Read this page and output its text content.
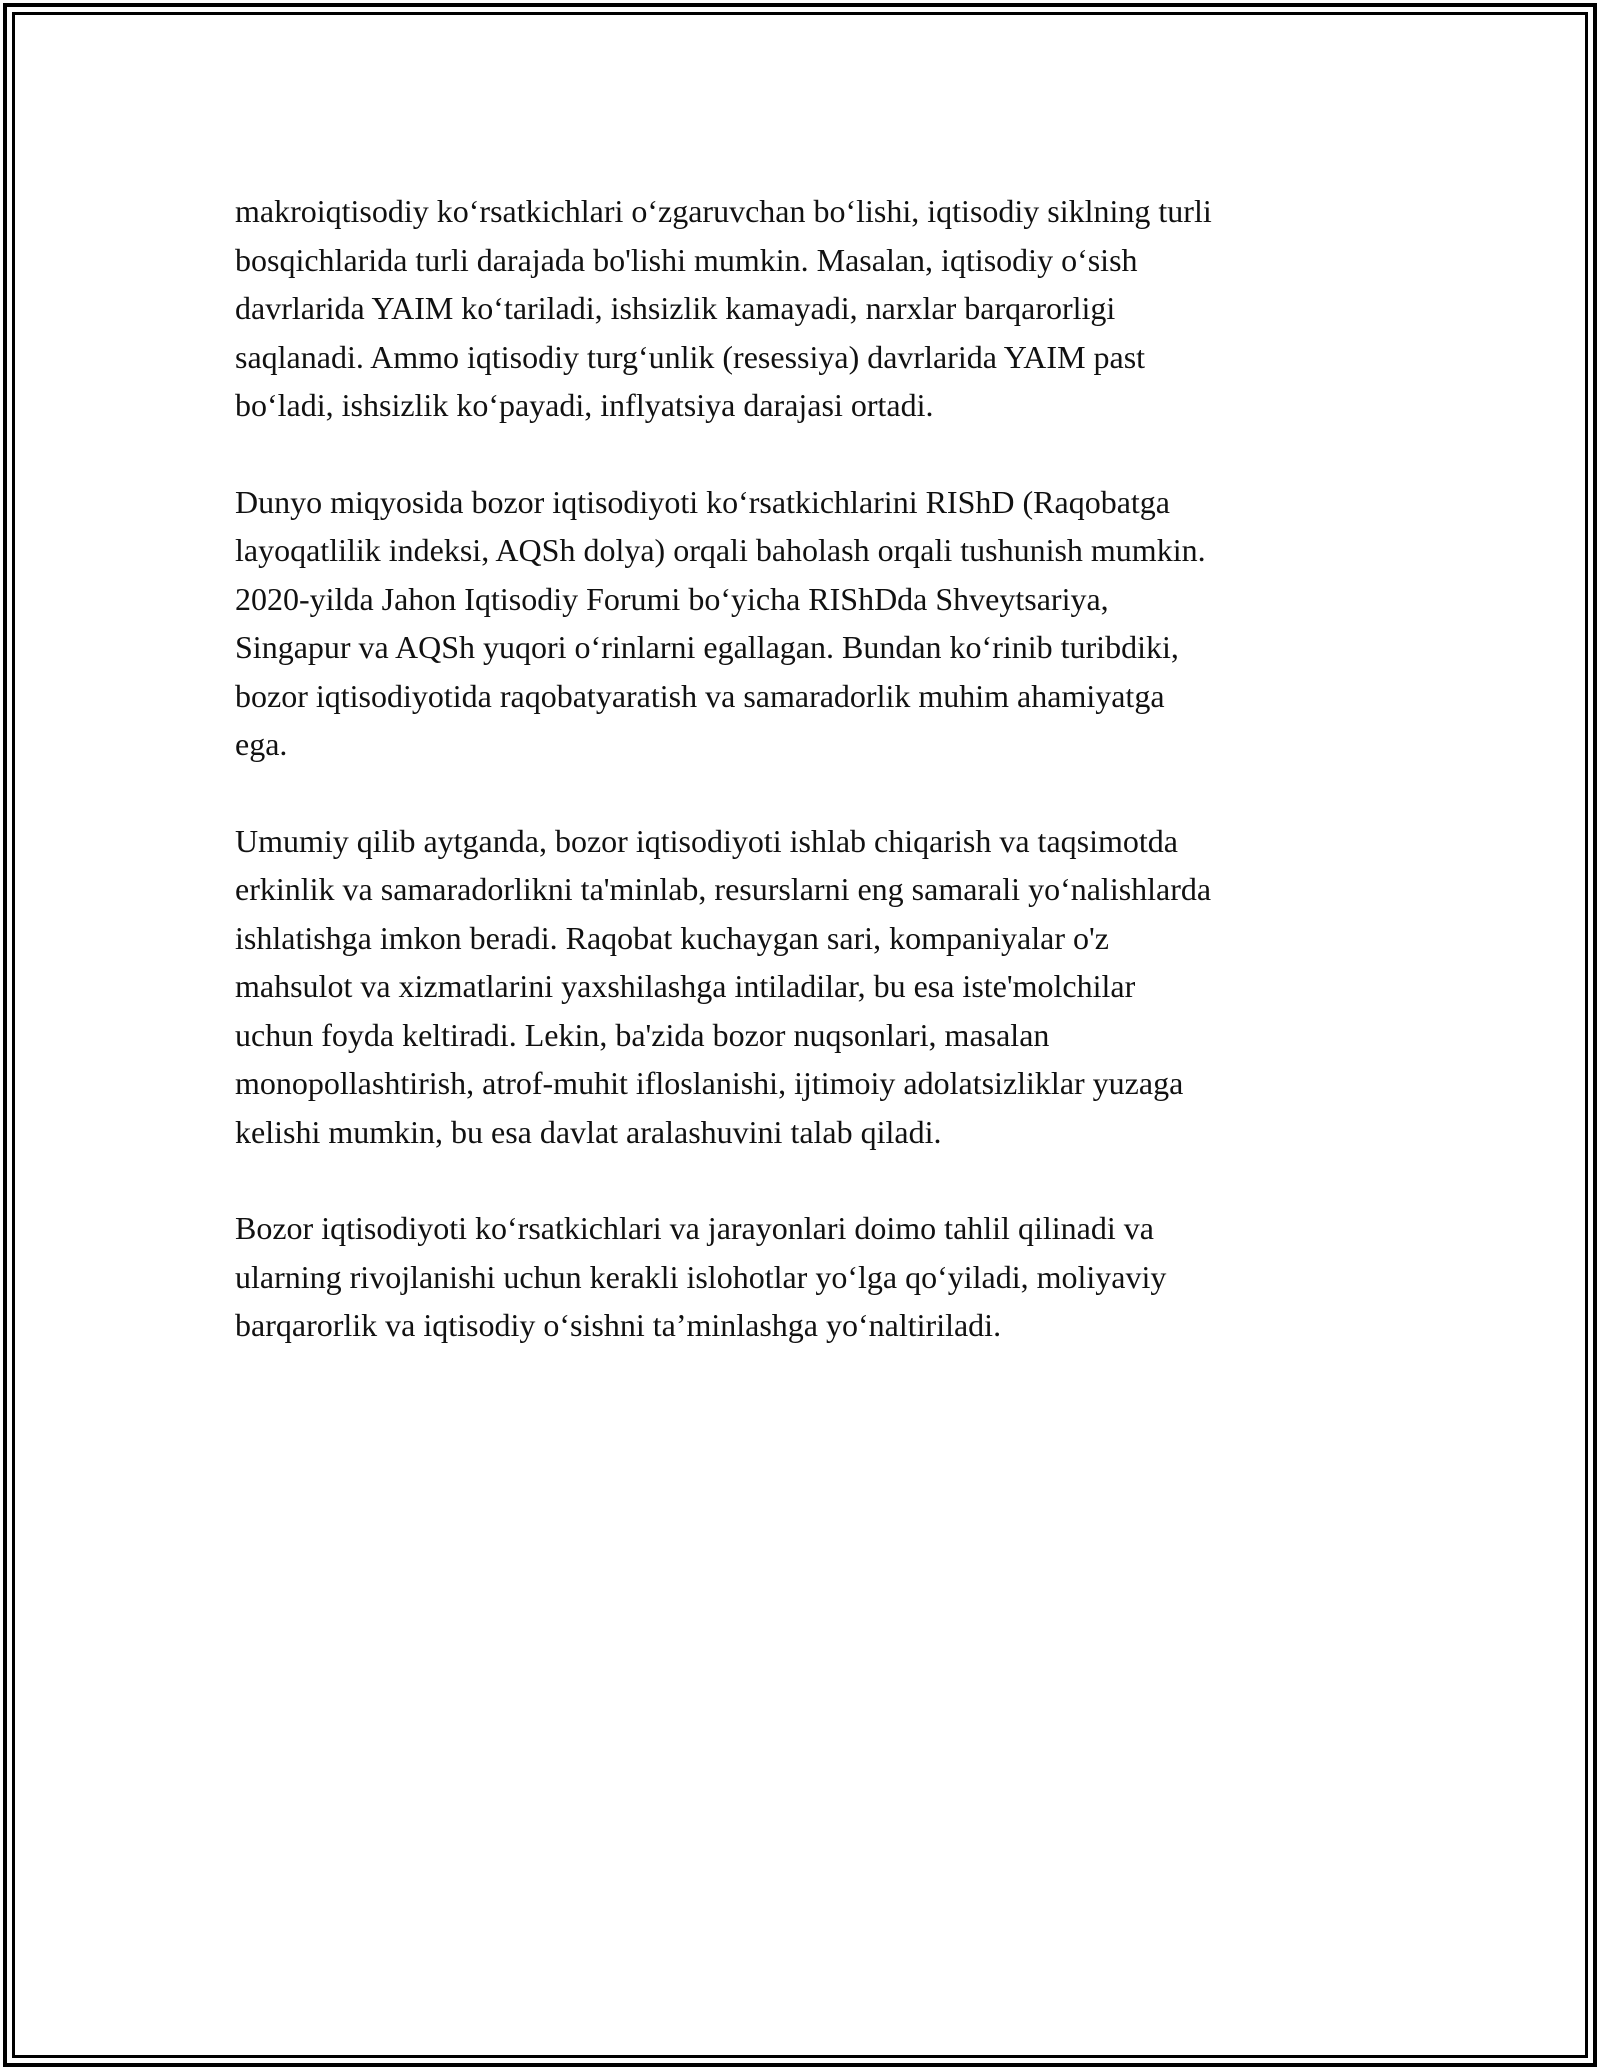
makroiqtisodiy ko‘rsatkichlari o‘zgaruvchan bo‘lishi, iqtisodiy siklning turli
bosqichlarida turli darajada bo'lishi mumkin. Masalan, iqtisodiy o‘sish
davrlarida YAIM ko‘tariladi, ishsizlik kamayadi, narxlar barqarorligi
saqlanadi. Ammo iqtisodiy turg‘unlik (resessiya) davrlarida YAIM past
bo‘ladi, ishsizlik ko‘payadi, inflyatsiya darajasi ortadi.

Dunyo miqyosida bozor iqtisodiyoti ko‘rsatkichlarini RIShD (Raqobatga
layoqatlilik indeksi, AQSh dolya) orqali baholash orqali tushunish mumkin.
2020-yilda Jahon Iqtisodiy Forumi bo‘yicha RIShDda Shveytsariya,
Singapur va AQSh yuqori o‘rinlarni egallagan. Bundan ko‘rinib turibdiki,
bozor iqtisodiyotida raqobatyaratish va samaradorlik muhim ahamiyatga
ega.

Umumiy qilib aytganda, bozor iqtisodiyoti ishlab chiqarish va taqsimotda
erkinlik va samaradorlikni ta'minlab, resurslarni eng samarali yo‘nalishlarda
ishlatishga imkon beradi. Raqobat kuchaygan sari, kompaniyalar o'z
mahsulot va xizmatlarini yaxshilashga intiladilar, bu esa iste'molchilar
uchun foyda keltiradi. Lekin, ba'zida bozor nuqsonlari, masalan
monopollashtirish, atrof-muhit ifloslanishi, ijtimoiy adolatsizliklar yuzaga
kelishi mumkin, bu esa davlat aralashuvini talab qiladi.

Bozor iqtisodiyoti ko‘rsatkichlari va jarayonlari doimo tahlil qilinadi va
ularning rivojlanishi uchun kerakli islohotlar yo‘lga qo‘yiladi, moliyaviy
barqarorlik va iqtisodiy o‘sishni ta’minlashga yo‘naltiriladi.
